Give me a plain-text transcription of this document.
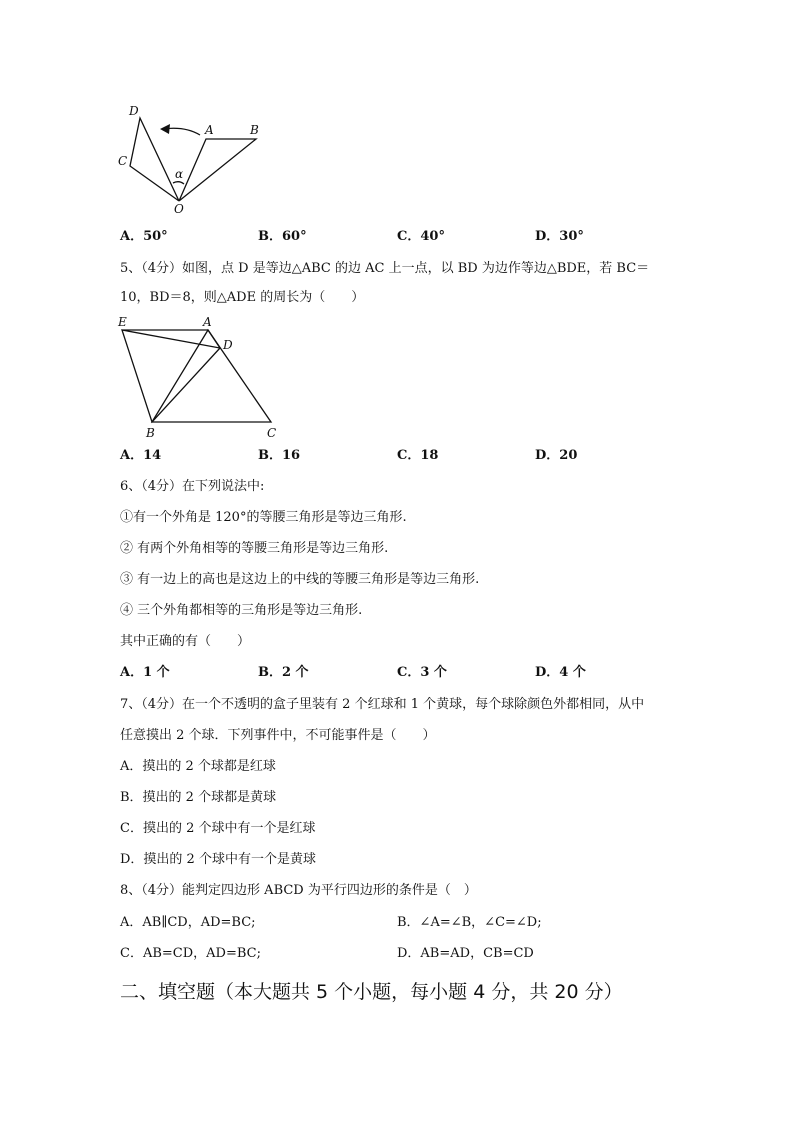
D
A	B
C
α
O
A．50°	B．60°	C．40°	D．30°
5、（4分）如图，点 D 是等边△ABC 的边 AC 上一点，以 BD 为边作等边△BDE，若 BC＝
10，BD＝8，则△ADE 的周长为（　　）
E	A
D
B	C
A．14	B．16	C．18	D．20
6、（4分）在下列说法中:
①有一个外角是 120°的等腰三角形是等边三角形.
② 有两个外角相等的等腰三角形是等边三角形.
③ 有一边上的高也是这边上的中线的等腰三角形是等边三角形.
④ 三个外角都相等的三角形是等边三角形.
其中正确的有（　　）
A．1 个	B．2 个	C．3 个	D．4 个
7、（4分）在一个不透明的盒子里装有 2 个红球和 1 个黄球，每个球除颜色外都相同，从中
任意摸出 2 个球．下列事件中，不可能事件是（　　）
A．摸出的 2 个球都是红球
B．摸出的 2 个球都是黄球
C．摸出的 2 个球中有一个是红球
D．摸出的 2 个球中有一个是黄球
8、（4分）能判定四边形 ABCD 为平行四边形的条件是（　）
A．AB∥CD，AD=BC;	B．∠A=∠B，∠C=∠D;
C．AB=CD，AD=BC;	D．AB=AD，CB=CD
二、填空题（本大题共 5 个小题，每小题 4 分，共 20 分）
